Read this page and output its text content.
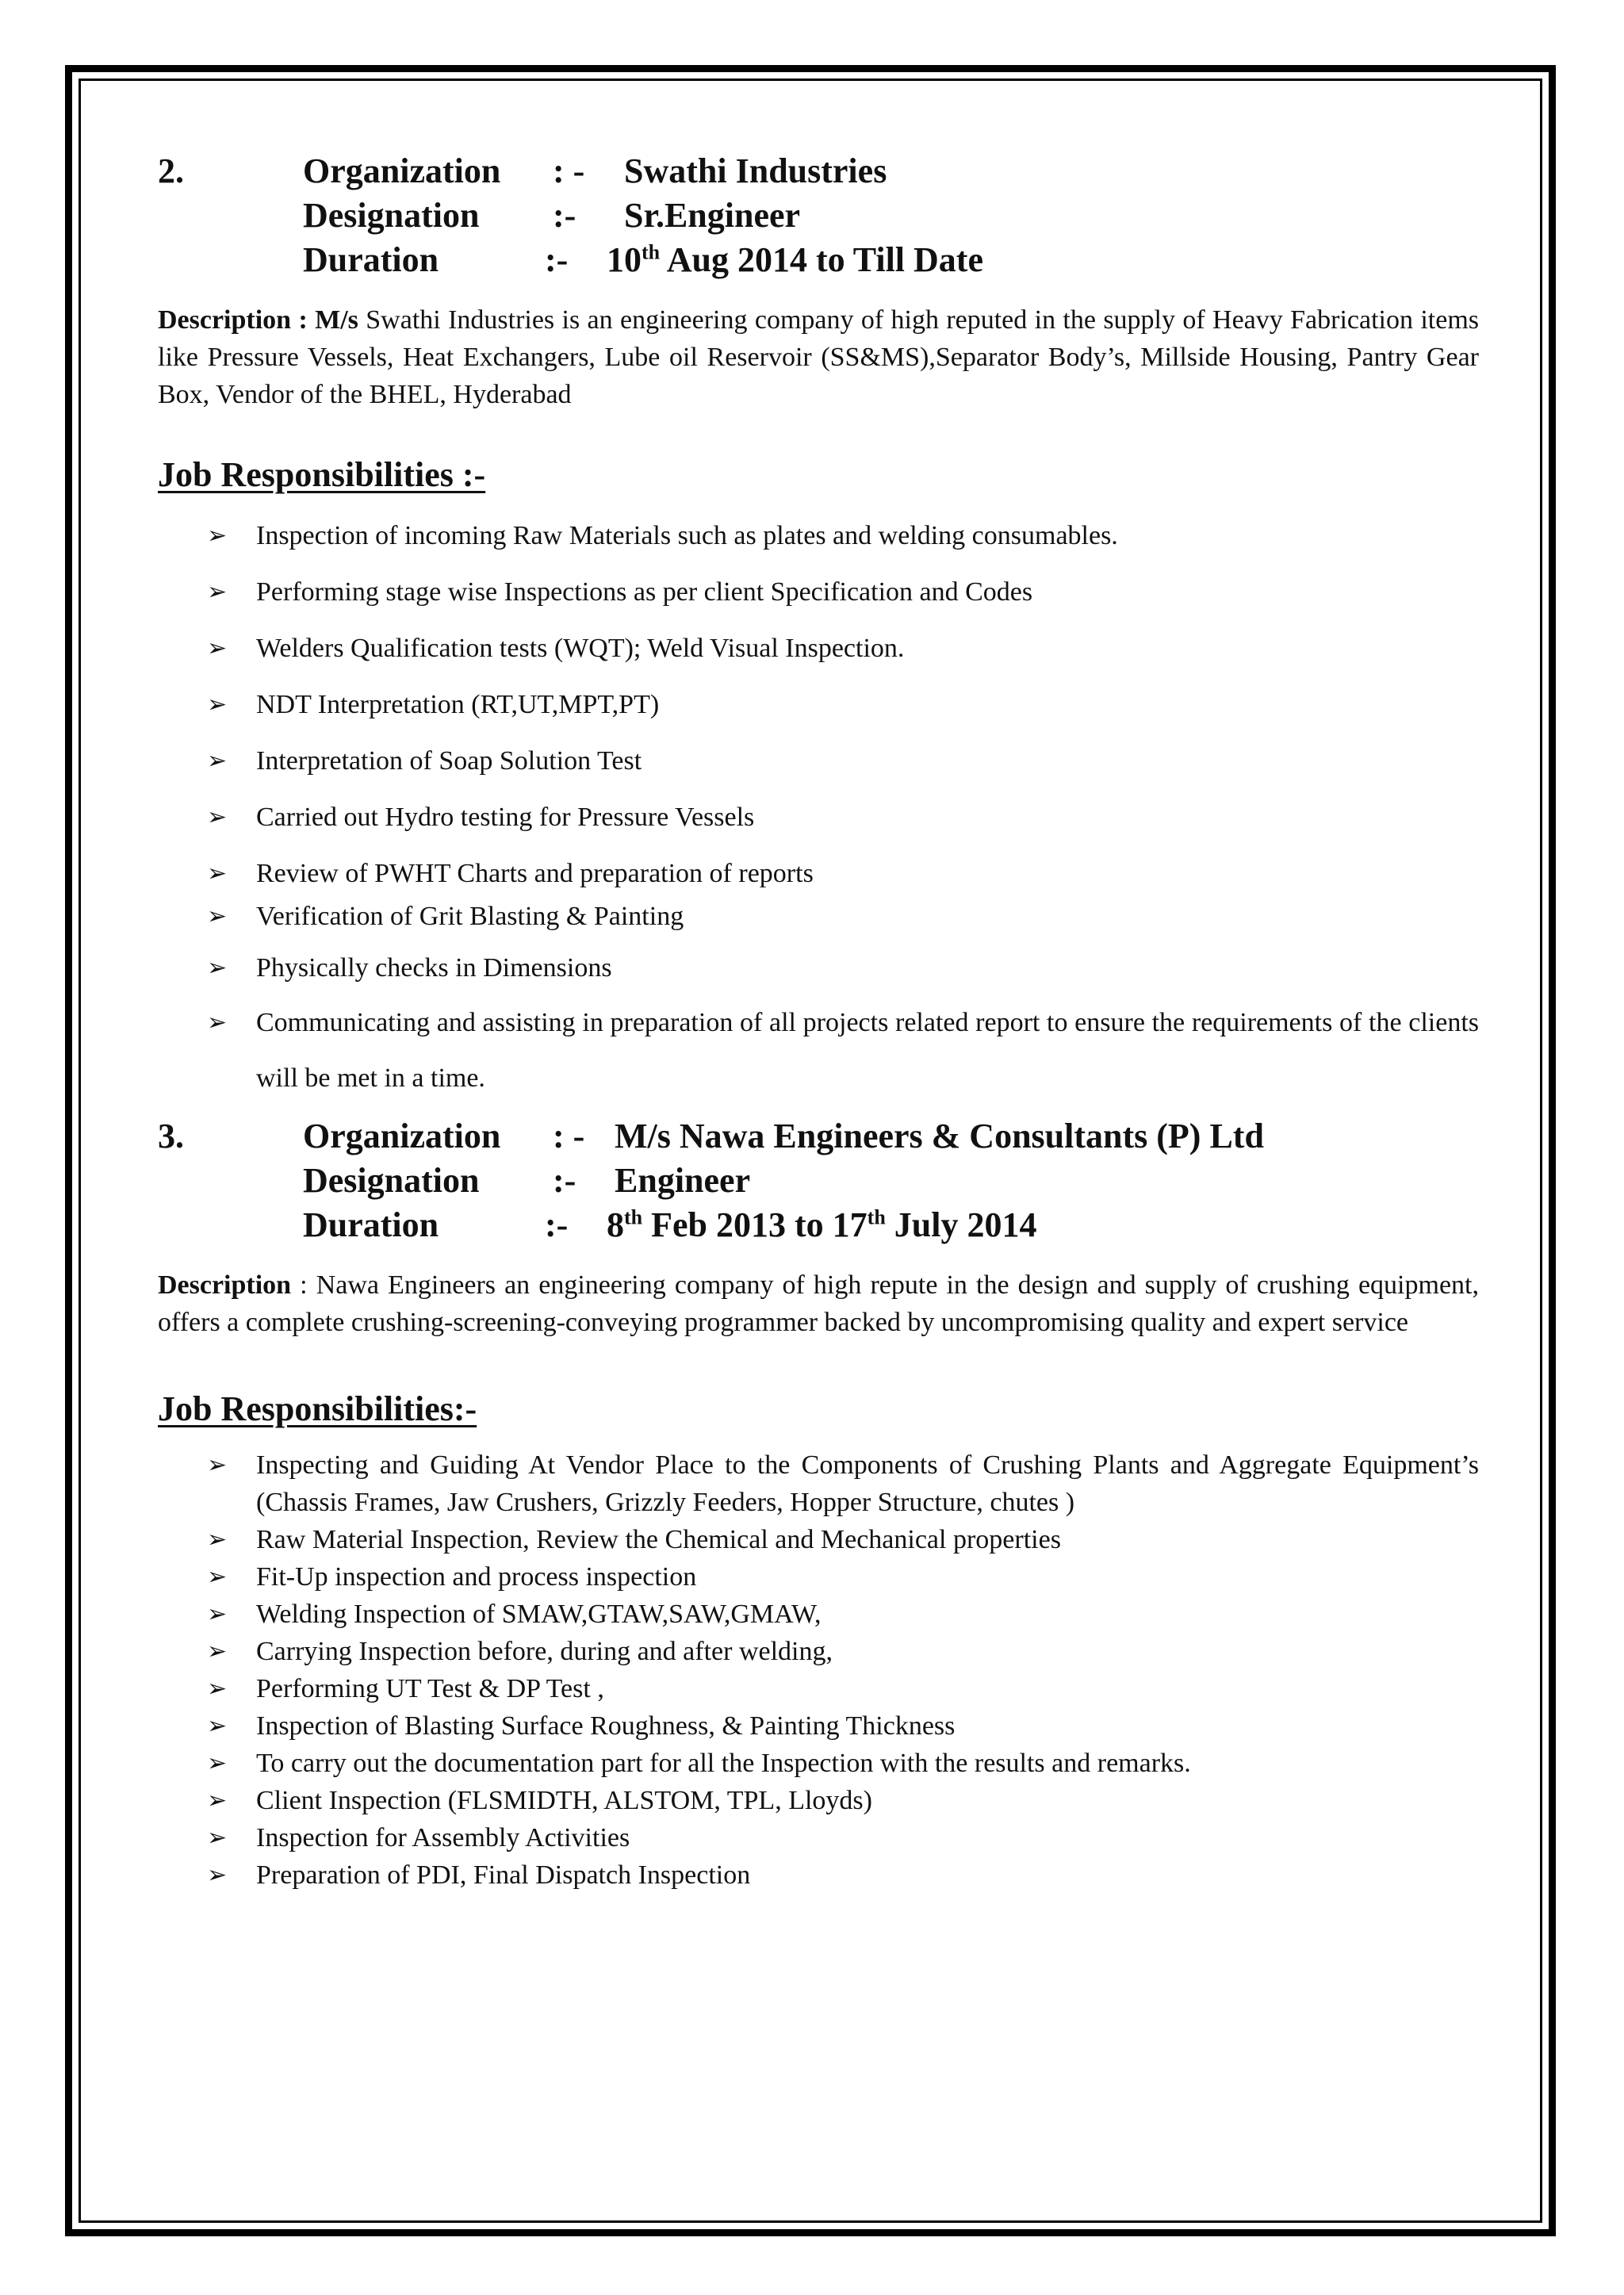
2.	Organization : - Swathi Industries
Designation :- Sr.Engineer
Duration	:- 10th Aug 2014 to Till Date

Description : M/s Swathi Industries is an engineering company of high reputed in the supply of Heavy Fabrication items like Pressure Vessels, Heat Exchangers, Lube oil Reservoir (SS&MS),Separator Body’s, Millside Housing, Pantry Gear Box, Vendor of the BHEL, Hyderabad

Job Responsibilities :-
➢ Inspection of incoming Raw Materials such as plates and welding consumables.
➢ Performing stage wise Inspections as per client Specification and Codes
➢ Welders Qualification tests (WQT); Weld Visual Inspection.
➢ NDT Interpretation (RT,UT,MPT,PT)
➢ Interpretation of Soap Solution Test
➢ Carried out Hydro testing for Pressure Vessels
➢ Review of PWHT Charts and preparation of reports
➢ Verification of Grit Blasting & Painting
➢ Physically checks in Dimensions
➢ Communicating and assisting in preparation of all projects related report to ensure the requirements of the clients will be met in a time.
3.	Organization : - M/s Nawa Engineers & Consultants (P) Ltd
Designation :- Engineer
Duration	:- 8th Feb 2013 to 17th July 2014

Description : Nawa Engineers an engineering company of high repute in the design and supply of crushing equipment, offers a complete crushing-screening-conveying programmer backed by uncompromising quality and expert service

Job Responsibilities:-
➢ Inspecting and Guiding At Vendor Place to the Components of Crushing Plants and Aggregate Equipment’s (Chassis Frames, Jaw Crushers, Grizzly Feeders, Hopper Structure, chutes )
➢ Raw Material Inspection, Review the Chemical and Mechanical properties
➢ Fit-Up inspection and process inspection
➢ Welding Inspection of SMAW,GTAW,SAW,GMAW,
➢ Carrying Inspection before, during and after welding,
➢ Performing UT Test & DP Test ,
➢ Inspection of Blasting Surface Roughness, & Painting Thickness
➢ To carry out the documentation part for all the Inspection with the results and remarks.
➢ Client Inspection (FLSMIDTH, ALSTOM, TPL, Lloyds)
➢ Inspection for Assembly Activities
➢ Preparation of PDI, Final Dispatch Inspection
